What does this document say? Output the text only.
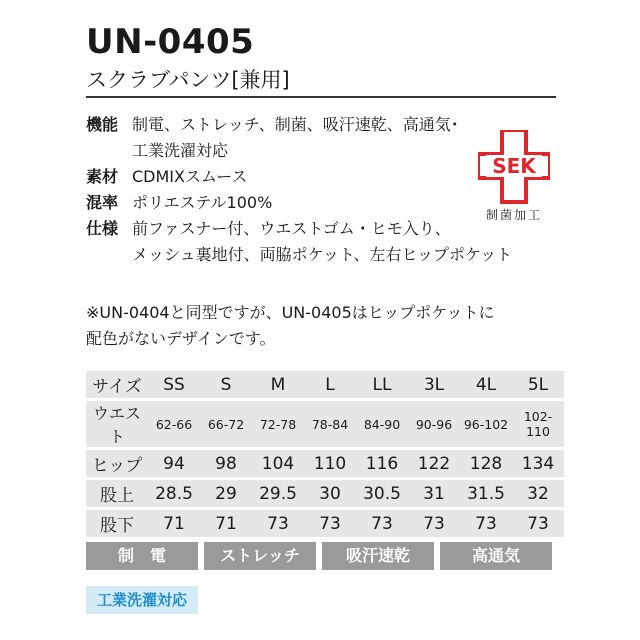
UN-0405
スクラブパンツ[兼用]
機能 制電、ストレッチ、制菌、吸汗速乾、高通気･
工業洗濯対応
素材 CDMIXスムース
混率 ポリエステル100%
仕様 前ファスナー付、ウエストゴム・ヒモ入り、
メッシュ裏地付、両脇ポケット、左右ヒップポケット
SEK
制菌加工
※UN-0404と同型ですが、UN-0405はヒップポケットに
配色がないデザインです。
サイズ	SS	S	M	L	LL	3L	4L	5L
ウエスト	62-66	66-72	72-78	78-84	84-90	90-96	96-102	102-110
ヒップ	94	98	104	110	116	122	128	134
股上	28.5	29	29.5	30	30.5	31	31.5	32
股下	71	71	73	73	73	73	73	73
制　電	ストレッチ	吸汗速乾	高通気
工業洗濯対応
